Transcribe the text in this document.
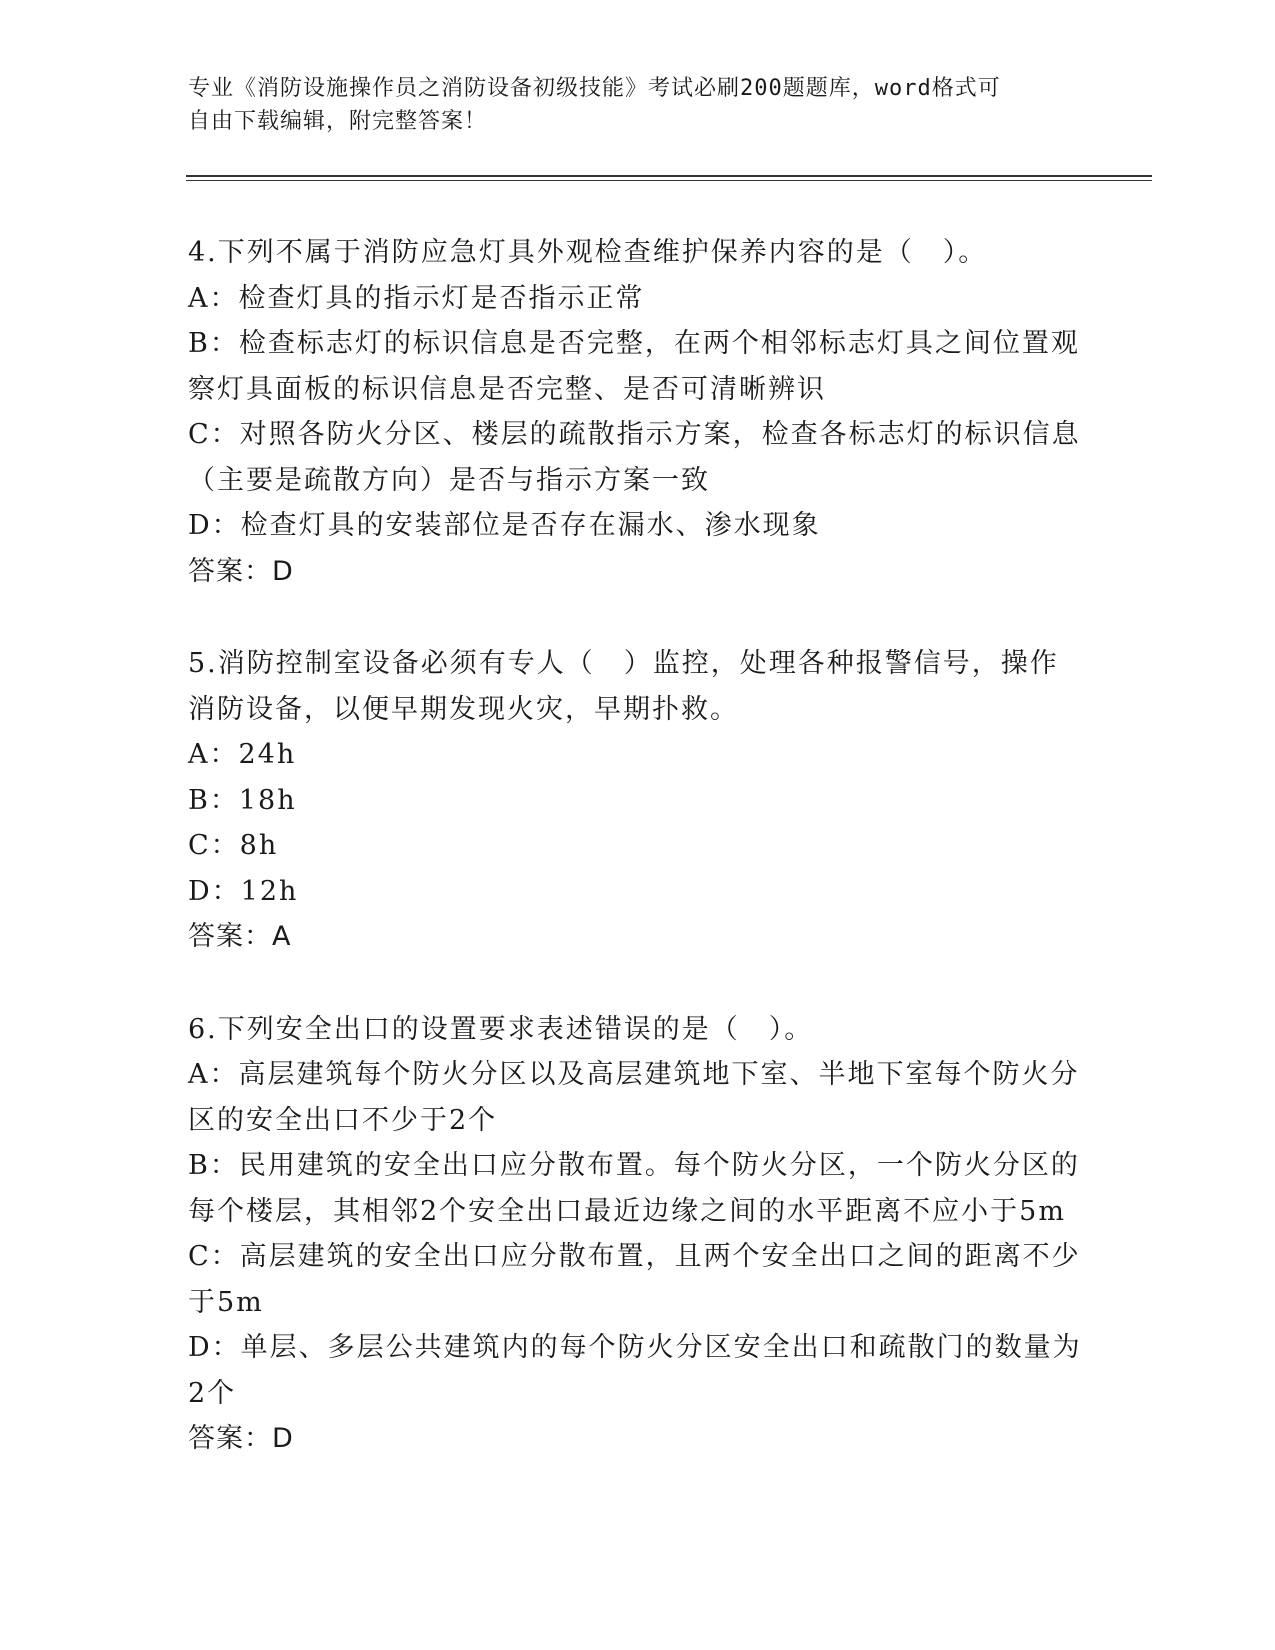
专业《消防设施操作员之消防设备初级技能》考试必刷200题题库，word格式可
自由下载编辑，附完整答案！
4.下列不属于消防应急灯具外观检查维护保养内容的是（　）。
A：检查灯具的指示灯是否指示正常
B：检查标志灯的标识信息是否完整，在两个相邻标志灯具之间位置观
察灯具面板的标识信息是否完整、是否可清晰辨识
C：对照各防火分区、楼层的疏散指示方案，检查各标志灯的标识信息
（主要是疏散方向）是否与指示方案一致
D：检查灯具的安装部位是否存在漏水、渗水现象
答案：D
5.消防控制室设备必须有专人（　）监控，处理各种报警信号，操作
消防设备，以便早期发现火灾，早期扑救。
A：24h
B：18h
C：8h
D：12h
答案：A
6.下列安全出口的设置要求表述错误的是（　）。
A：高层建筑每个防火分区以及高层建筑地下室、半地下室每个防火分
区的安全出口不少于2个
B：民用建筑的安全出口应分散布置。每个防火分区，一个防火分区的
每个楼层，其相邻2个安全出口最近边缘之间的水平距离不应小于5m
C：高层建筑的安全出口应分散布置，且两个安全出口之间的距离不少
于5m
D：单层、多层公共建筑内的每个防火分区安全出口和疏散门的数量为
2个
答案：D
